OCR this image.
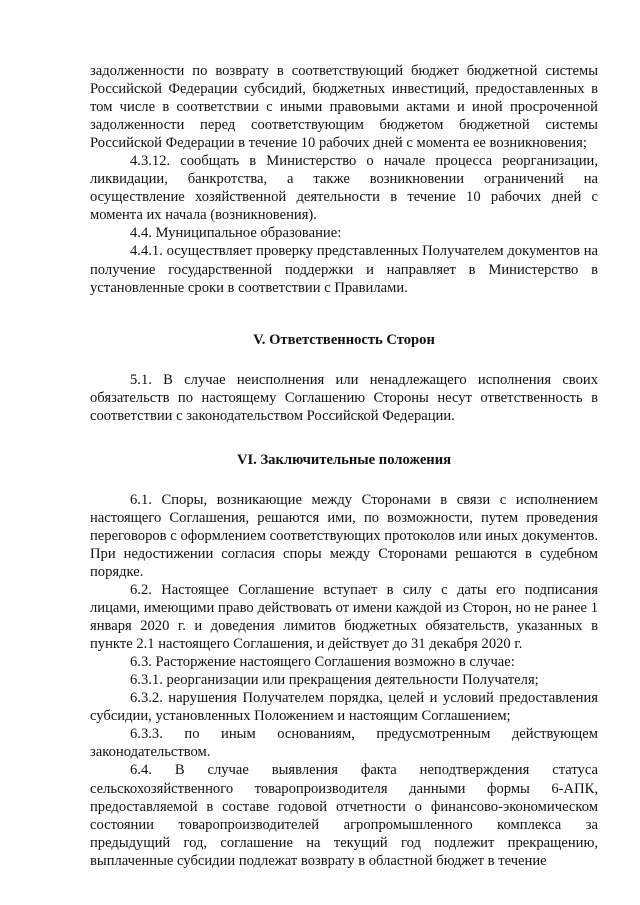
задолженности по возврату в соответствующий бюджет бюджетной системы Российской Федерации субсидий, бюджетных инвестиций, предоставленных в том числе в соответствии с иными правовыми актами и иной просроченной задолженности перед соответствующим бюджетом бюджетной системы Российской Федерации в течение 10 рабочих дней с момента ее возникновения;

4.3.12. сообщать в Министерство о начале процесса реорганизации, ликвидации, банкротства, а также возникновении ограничений на осуществление хозяйственной деятельности в течение 10 рабочих дней с момента их начала (возникновения).

4.4. Муниципальное образование:

4.4.1. осуществляет проверку представленных Получателем документов на получение государственной поддержки и направляет в Министерство в установленные сроки в соответствии с Правилами.

V. Ответственность Сторон

5.1. В случае неисполнения или ненадлежащего исполнения своих обязательств по настоящему Соглашению Стороны несут ответственность в соответствии с законодательством Российской Федерации.

VI. Заключительные положения

6.1. Споры, возникающие между Сторонами в связи с исполнением настоящего Соглашения, решаются ими, по возможности, путем проведения переговоров с оформлением соответствующих протоколов или иных документов. При недостижении согласия споры между Сторонами решаются в судебном порядке.

6.2. Настоящее Соглашение вступает в силу с даты его подписания лицами, имеющими право действовать от имени каждой из Сторон, но не ранее 1 января 2020 г. и доведения лимитов бюджетных обязательств, указанных в пункте 2.1 настоящего Соглашения, и действует до 31 декабря 2020 г.

6.3. Расторжение настоящего Соглашения возможно в случае:

6.3.1. реорганизации или прекращения деятельности Получателя;

6.3.2. нарушения Получателем порядка, целей и условий предоставления субсидии, установленных Положением и настоящим Соглашением;

6.3.3. по иным основаниям, предусмотренным действующем законодательством.

6.4. В случае выявления факта неподтверждения статуса сельскохозяйственного товаропроизводителя данными формы 6-АПК, предоставляемой в составе годовой отчетности о финансово-экономическом состоянии товаропроизводителей агропромышленного комплекса за предыдущий год, соглашение на текущий год подлежит прекращению, выплаченные субсидии подлежат возврату в областной бюджет в течение
